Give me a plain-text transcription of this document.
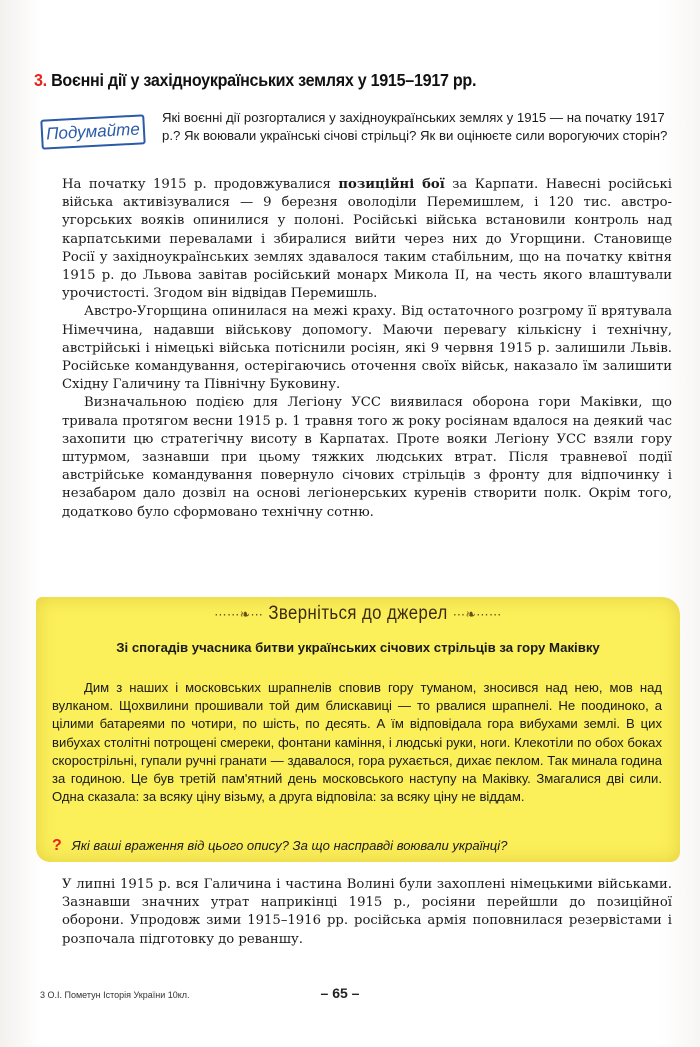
3. Воєнні дії у західноукраїнських землях у 1915–1917 рр.
Подумайте
Які воєнні дії розгорталися у західноукраїнських землях у 1915 — на початку 1917 р.? Як воювали українські січові стрільці? Як ви оцінюєте сили ворогуючих сторін?

На початку 1915 р. продовжувалися позиційні бої за Карпати. Навесні російські війська активізувалися — 9 березня оволоділи Перемишлем, і 120 тис. австро-угорських вояків опинилися у полоні. Російські війська встановили контроль над карпатськими перевалами і збиралися вийти через них до Угорщини. Становище Росії у західноукраїнських землях здавалося таким стабільним, що на початку квітня 1915 р. до Львова завітав російський монарх Микола ІІ, на честь якого влаштували урочистості. Згодом він відвідав Перемишль.

Австро-Угорщина опинилася на межі краху. Від остаточного розгрому її врятувала Німеччина, надавши військову допомогу. Маючи перевагу кількісну і технічну, австрійські і німецькі війська потіснили росіян, які 9 червня 1915 р. залишили Львів. Російське командування, остерігаючись оточення своїх військ, наказало їм залишити Східну Галичину та Північну Буковину.

Визначальною подією для Легіону УСС виявилася оборона гори Маківки, що тривала протягом весни 1915 р. 1 травня того ж року росіянам вдалося на деякий час захопити цю стратегічну висоту в Карпатах. Проте вояки Легіону УСС взяли гору штурмом, зазнавши при цьому тяжких людських втрат. Після травневої події австрійське командування повернуло січових стрільців з фронту для відпочинку і незабаром дало дозвіл на основі легіонерських куренів створити полк. Окрім того, додатково було сформовано технічну сотню.

⋯⋯❧⋯ Зверніться до джерел ⋯❧⋯⋯
Зі спогадів учасника битви українських січових стрільців за гору Маківку

Дим з наших і московських шрапнелів сповив гору туманом, зносився над нею, мов над вулканом. Щохвилини прошивали той дим блискавиці — то рвалися шрапнелі. Не поодиноко, а цілими батареями по чотири, по шість, по десять. А їм відповідала гора вибухами землі. В цих вибухах столітні потрощені смереки, фонтани каміння, і людські руки, ноги. Клекотіли по обох боках скорострільні, гупали ручні гранати — здавалося, гора рухається, дихає пеклом. Так минала година за годиною. Це був третій пам'ятний день московського наступу на Маківку. Змагалися дві сили. Одна сказала: за всяку ціну візьму, а друга відповіла: за всяку ціну не віддам.

? Які ваші враження від цього опису? За що насправді воювали українці?

У липні 1915 р. вся Галичина і частина Волині були захоплені німецькими військами. Зазнавши значних утрат наприкінці 1915 р., росіяни перейшли до позиційної оборони. Упродовж зими 1915–1916 рр. російська армія поповнилася резервістами і розпочала підготовку до реваншу.

3 О.І. Пометун Історія України 10кл.	– 65 –
